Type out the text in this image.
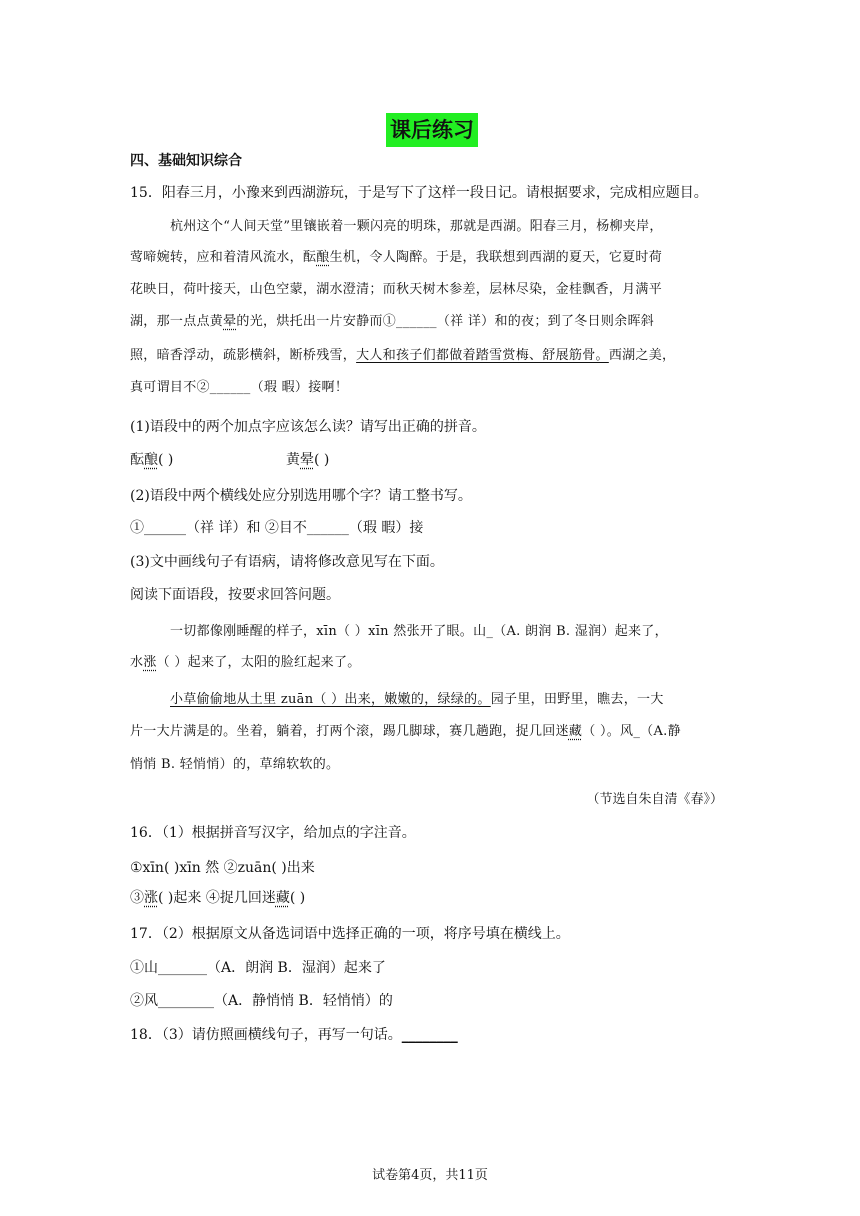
课后练习
四、基础知识综合
15．阳春三月，小豫来到西湖游玩，于是写下了这样一段日记。请根据要求，完成相应题目。
杭州这个“人间天堂”里镶嵌着一颗闪亮的明珠，那就是西湖。阳春三月，杨柳夹岸，
莺啼婉转，应和着清风流水，酝酿生机，令人陶醉。于是，我联想到西湖的夏天，它夏时荷
花映日，荷叶接天，山色空蒙，湖水澄清；而秋天树木参差，层林尽染，金桂飘香，月满平
湖，那一点点黄晕的光，烘托出一片安静而①______（祥 详）和的夜；到了冬日则余晖斜
照，暗香浮动，疏影横斜，断桥残雪，大人和孩子们都做着踏雪赏梅、舒展筋骨。西湖之美，
真可谓目不②______（瑕 暇）接啊！
(1)语段中的两个加点字应该怎么读？请写出正确的拼音。
酝酿( )	黄晕( )
(2)语段中两个横线处应分别选用哪个字？请工整书写。
①______（祥 详）和 ②目不______（瑕 暇）接
(3)文中画线句子有语病，请将修改意见写在下面。
阅读下面语段，按要求回答问题。
一切都像刚睡醒的样子，xīn（ ）xīn 然张开了眼。山_（A. 朗润 B. 湿润）起来了，
水涨（ ）起来了，太阳的脸红起来了。
小草偷偷地从土里 zuān（ ）出来，嫩嫩的，绿绿的。园子里，田野里，瞧去，一大
片一大片满是的。坐着，躺着，打两个滚，踢几脚球，赛几趟跑，捉几回迷藏（ ）。风_（A.静
悄悄 B. 轻悄悄）的，草绵软软的。
（节选自朱自清《春》）
16．（1）根据拼音写汉字，给加点的字注音。
①xīn( )xīn 然 ②zuān( )出来
③涨( )起来 ④捉几回迷藏( )
17．（2）根据原文从备选词语中选择正确的一项，将序号填在横线上。
①山_______（A．朗润 B．湿润）起来了
②风________（A．静悄悄 B．轻悄悄）的
18．（3）请仿照画横线句子，再写一句话。________
试卷第4页，共11页
